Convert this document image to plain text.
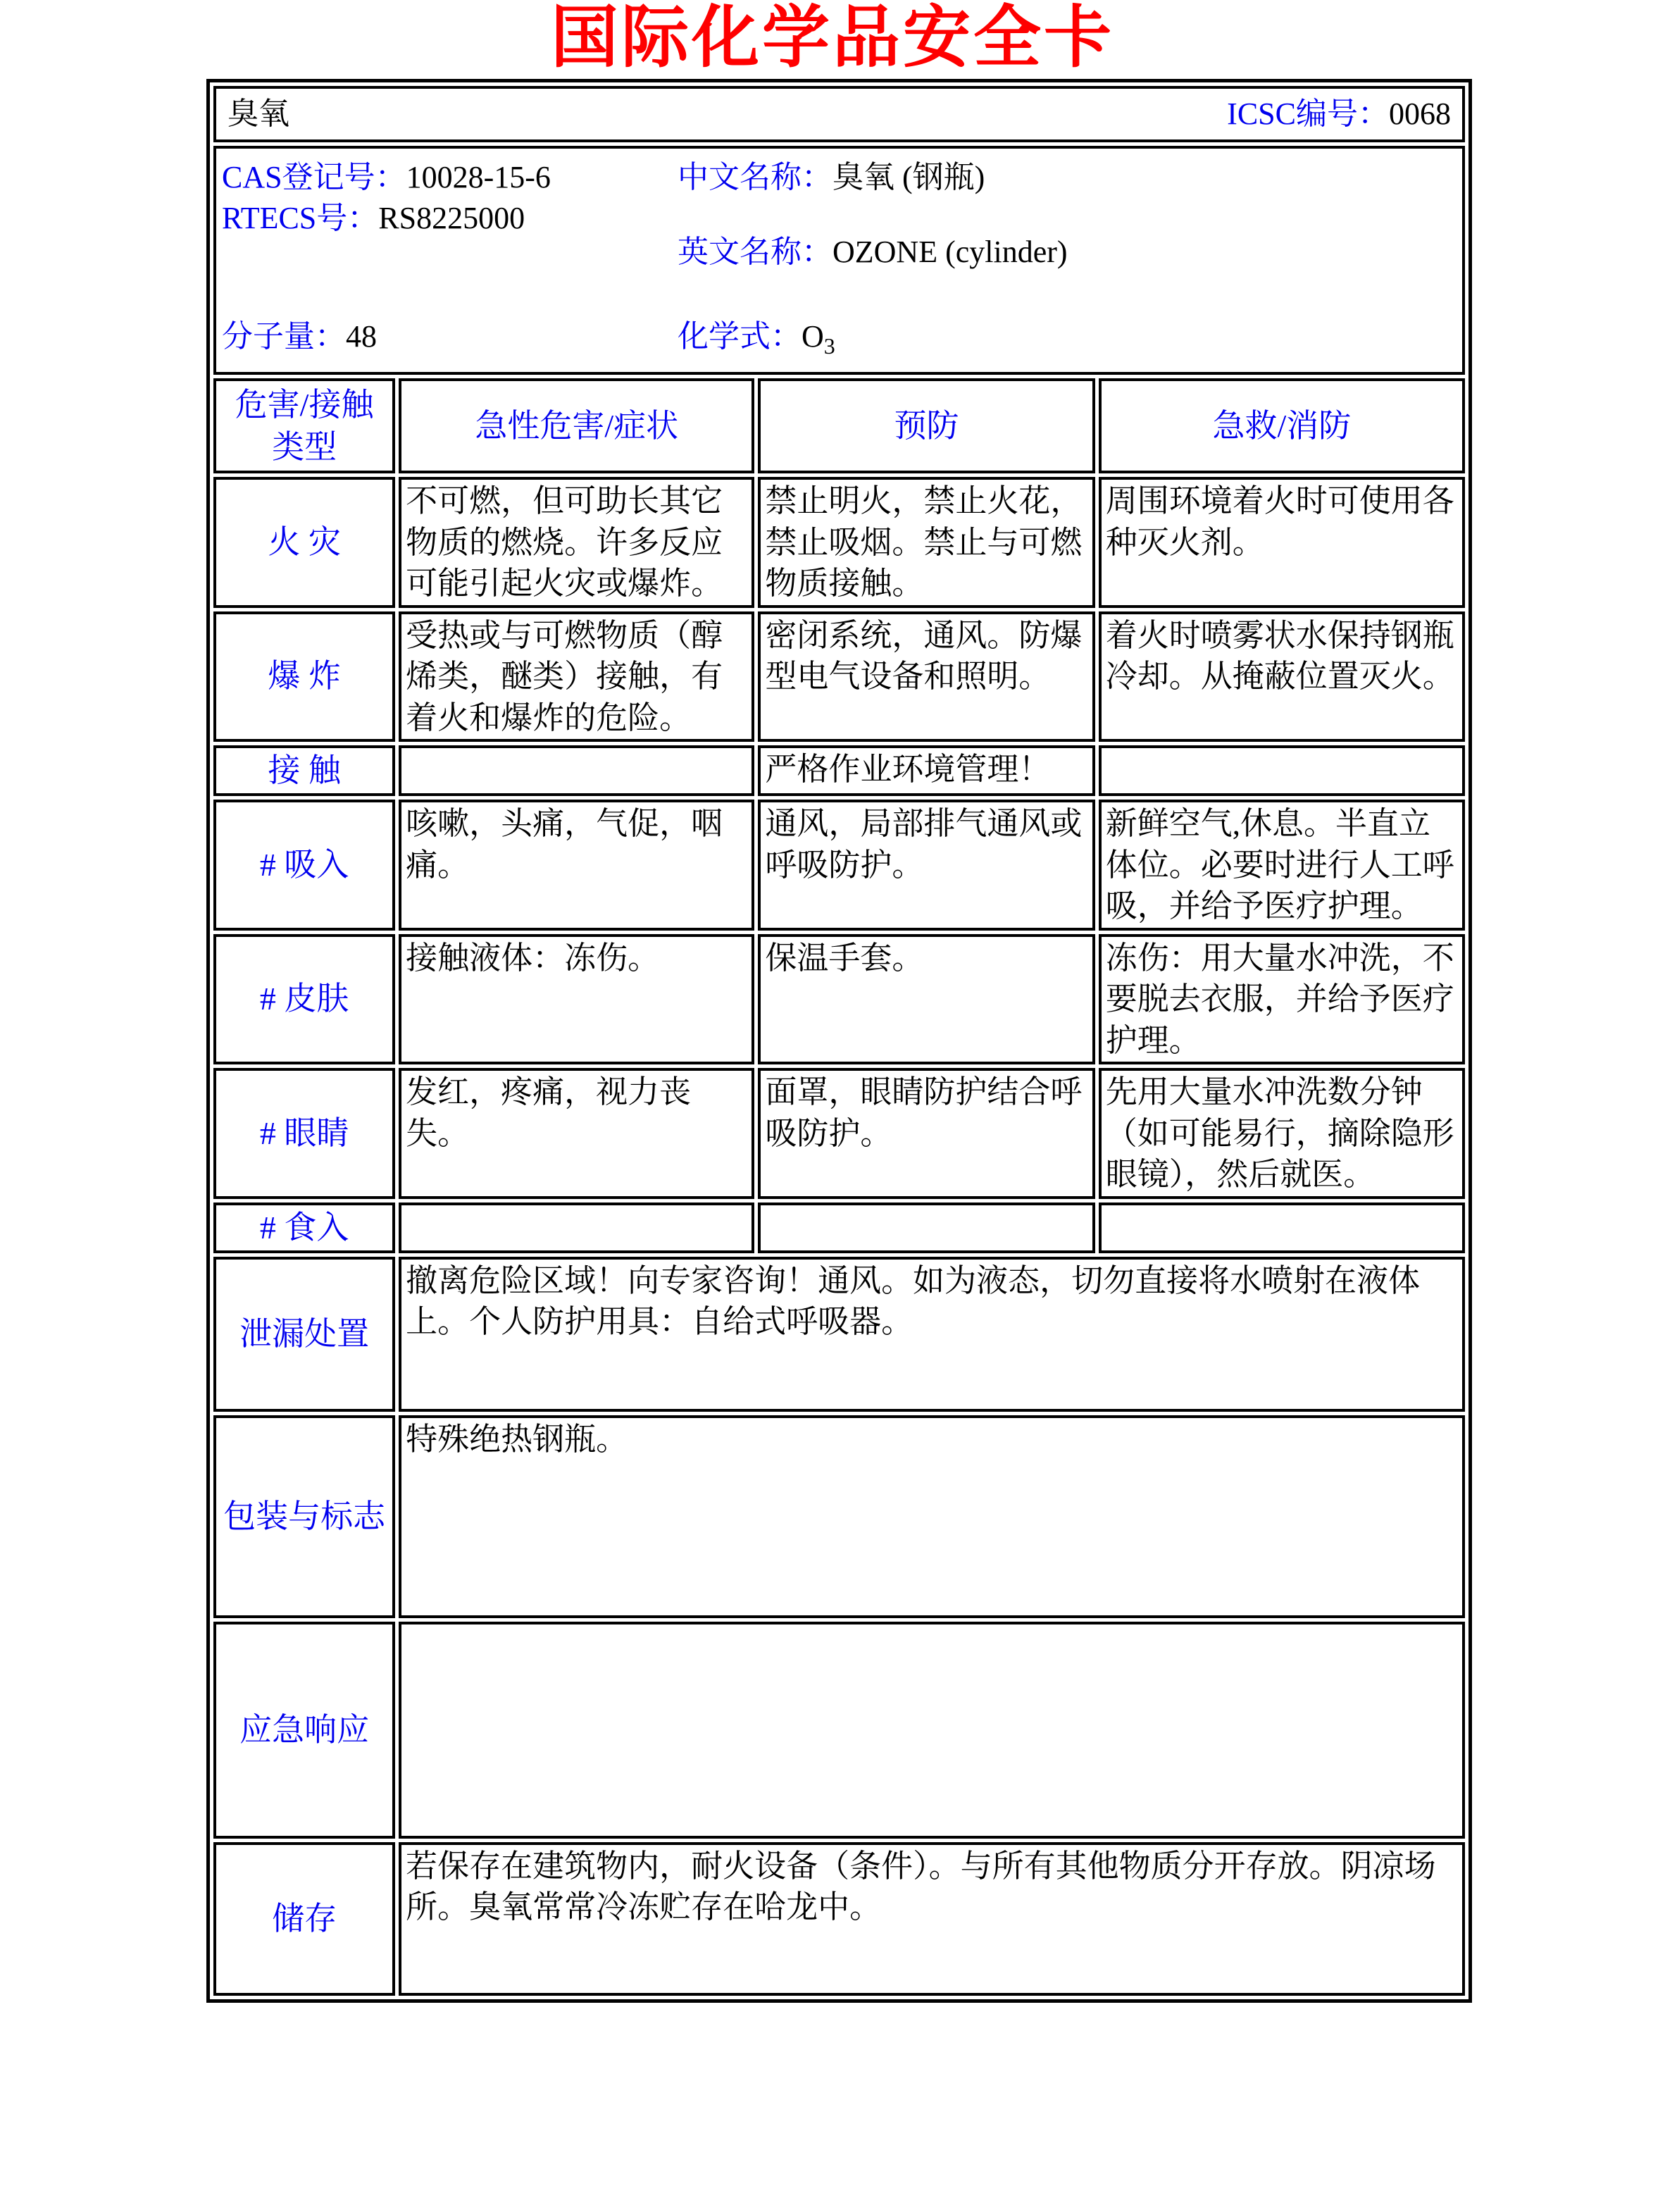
国际化学品安全卡
臭氧 ICSC编号：0068			

CAS登记号：10028-15-6	中文名称：臭氧 (钢瓶)
RTECS号：RS8225000
英文名称：OZONE (cylinder)
分子量：48	化学式：$O_3$

危害/接触类型	急性危害/症状	预防	急救/消防
火 灾	不可燃，但可助长其它物质的燃烧。许多反应可能引起火灾或爆炸。	禁止明火，禁止火花，禁止吸烟。禁止与可燃物质接触。	周围环境着火时可使用各种灭火剂。
爆 炸	受热或与可燃物质（醇烯类，醚类）接触，有着火和爆炸的危险。	密闭系统，通风。防爆型电气设备和照明。	着火时喷雾状水保持钢瓶冷却。从掩蔽位置灭火。
接 触		严格作业环境管理！	
# 吸入	咳嗽，头痛，气促，咽痛。	通风，局部排气通风或呼吸防护。	新鲜空气,休息。半直立体位。必要时进行人工呼吸，并给予医疗护理。
# 皮肤	接触液体：冻伤。	保温手套。	冻伤：用大量水冲洗，不要脱去衣服，并给予医疗护理。
# 眼睛	发红，疼痛，视力丧失。	面罩，眼睛防护结合呼吸防护。	先用大量水冲洗数分钟（如可能易行，摘除隐形眼镜），然后就医。
# 食入			
泄漏处置	撤离危险区域！向专家咨询！通风。如为液态，切勿直接将水喷射在液体上。个人防护用具：自给式呼吸器。		
包装与标志	特殊绝热钢瓶。		
应急响应			
储存	若保存在建筑物内，耐火设备（条件）。与所有其他物质分开存放。阴凉场所。臭氧常常冷冻贮存在哈龙中。		
